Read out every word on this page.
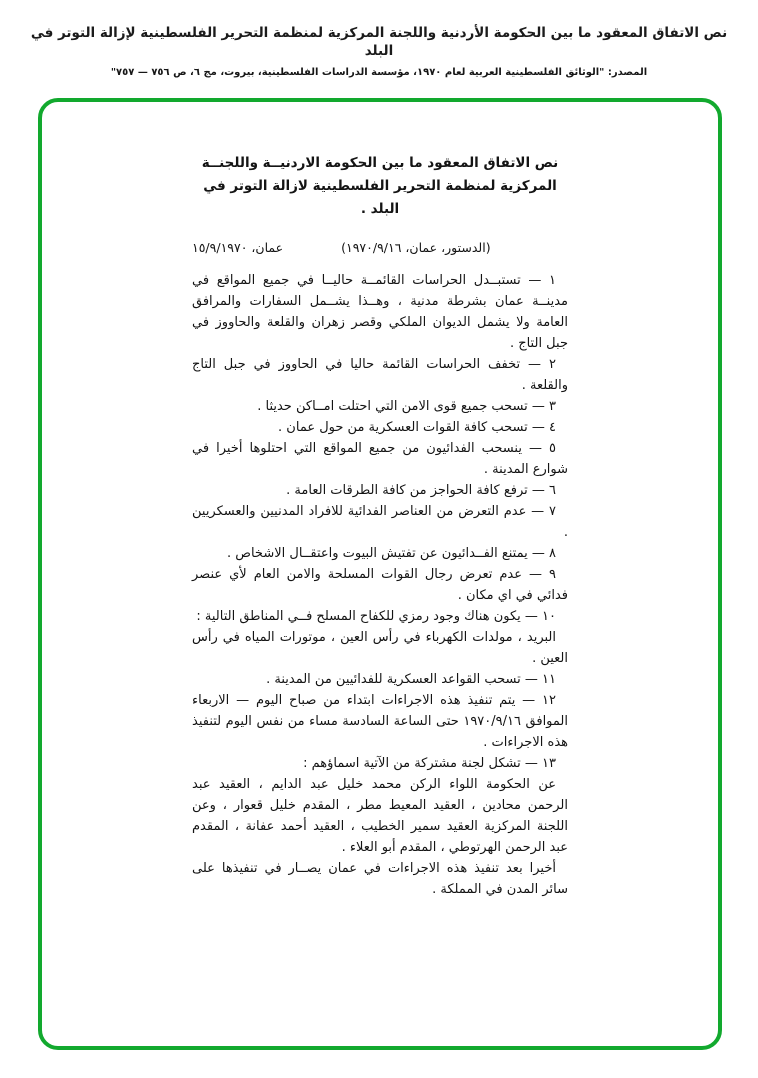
نص الاتفاق المعقود ما بين الحكومة الأردنية واللجنة المركزية لمنظمة التحرير الفلسطينية لإزالة التوتر في البلد
المصدر: "الوثائق الفلسطينية العربية لعام ١٩٧٠، مؤسسة الدراسات الفلسطينية، بيروت، مج ٦، ص ٧٥٦ — ٧٥٧"
نص الاتفاق المعقود ما بين الحكومة الاردنيــة واللجنــة
المركزية لمنظمة التحرير الفلسطينية لازالة التوتر في البلد .
عمان، ١٥/٩/١٩٧٠	(الدستور، عمان، ١٩٧٠/٩/١٦)

١ — تستبــدل الحراسات القائمــة حاليــا في جميع المواقع في مدينــة عمان بشرطة مدنية ، وهــذا يشــمل السفارات والمرافق العامة ولا يشمل الديوان الملكي وقصر زهران والقلعة والحاووز في جبل التاج .

٢ — تخفف الحراسات القائمة حاليا في الحاووز في جبل التاج والقلعة .

٣ — تسحب جميع قوى الامن التي احتلت امــاكن حديثا .

٤ — تسحب كافة القوات العسكرية من حول عمان .

٥ — ينسحب الفدائيون من جميع المواقع التي احتلوها أخيرا في شوارع المدينة .

٦ — ترفع كافة الحواجز من كافة الطرقات العامة .

٧ — عدم التعرض من العناصر الفدائية للافراد المدنيين والعسكريين .

٨ — يمتنع الفــدائيون عن تفتيش البيوت واعتقــال الاشخاص .

٩ — عدم تعرض رجال القوات المسلحة والامن العام لأي عنصر فدائي في اي مكان .

١٠ — يكون هناك وجود رمزي للكفاح المسلح فــي المناطق التالية :

البريد ، مولدات الكهرباء في رأس العين ، موتورات المياه في رأس العين .

١١ — تسحب القواعد العسكرية للفدائيين من المدينة .

١٢ — يتم تنفيذ هذه الاجراءات ابتداء من صباح اليوم — الاربعاء الموافق ١٩٧٠/٩/١٦ حتى الساعة السادسة مساء من نفس اليوم لتنفيذ هذه الاجراءات .

١٣ — تشكل لجنة مشتركة من الآتية اسماؤهم :

عن الحكومة اللواء الركن محمد خليل عبد الدايم ، العقيد عبد الرحمن محادين ، العقيد المعيط مطر ، المقدم خليل قعوار ، وعن اللجنة المركزية العقيد سمير الخطيب ، العقيد أحمد عفانة ، المقدم عبد الرحمن الهرتوطي ، المقدم أبو العلاء .

أخيرا بعد تنفيذ هذه الاجراءات في عمان يصــار في تنفيذها على سائر المدن في المملكة .
